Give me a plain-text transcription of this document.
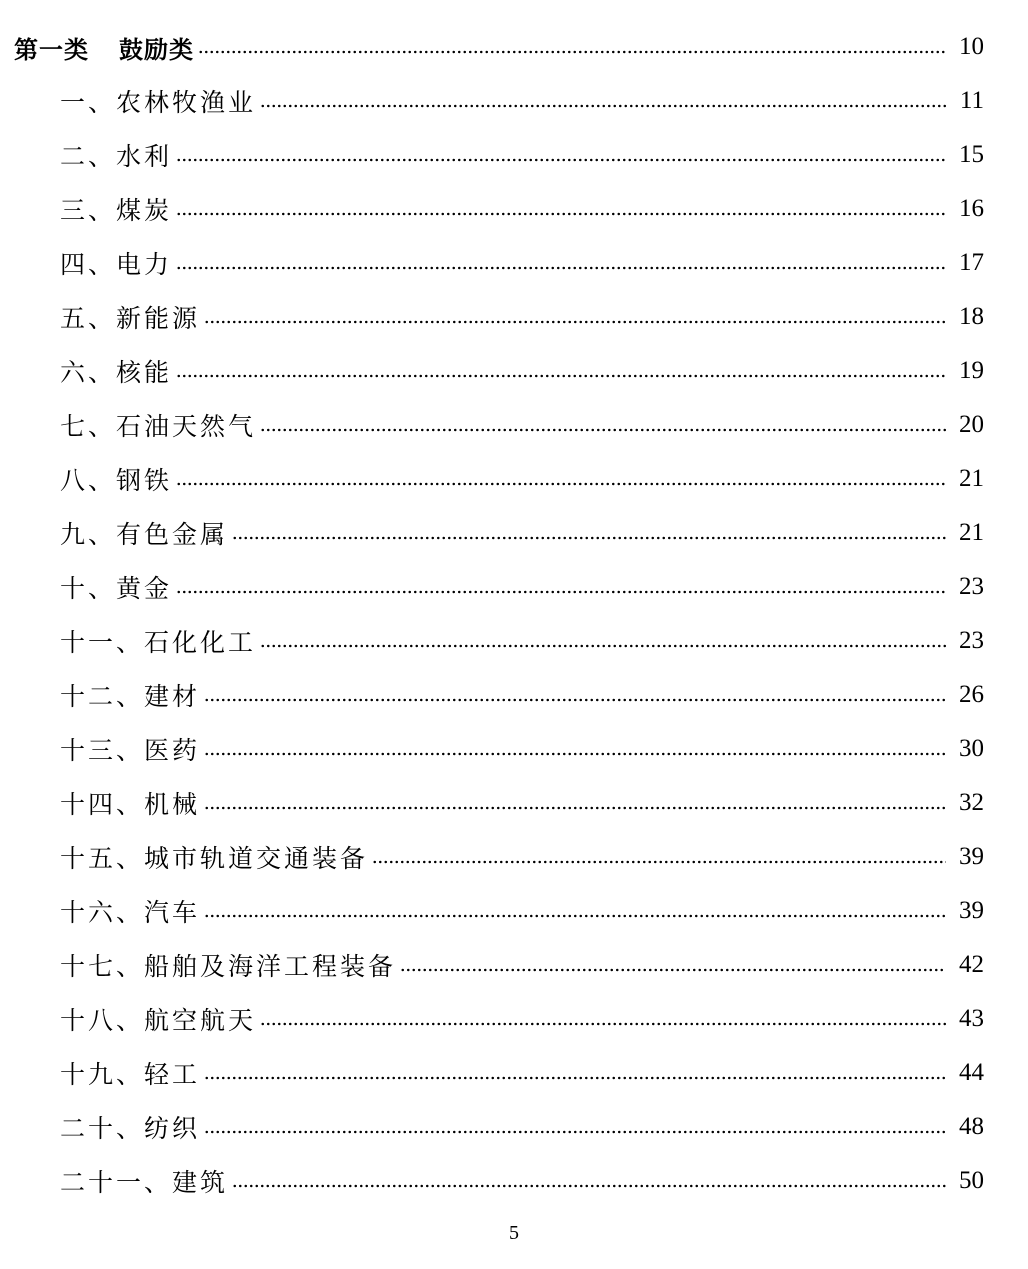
第一类 鼓励类	10
一、农林牧渔业	11
二、水利	15
三、煤炭	16
四、电力	17
五、新能源	18
六、核能	19
七、石油天然气	20
八、钢铁	21
九、有色金属	21
十、黄金	23
十一、石化化工	23
十二、建材	26
十三、医药	30
十四、机械	32
十五、城市轨道交通装备	39
十六、汽车	39
十七、船舶及海洋工程装备	42
十八、航空航天	43
十九、轻工	44
二十、纺织	48
二十一、建筑	50
5
